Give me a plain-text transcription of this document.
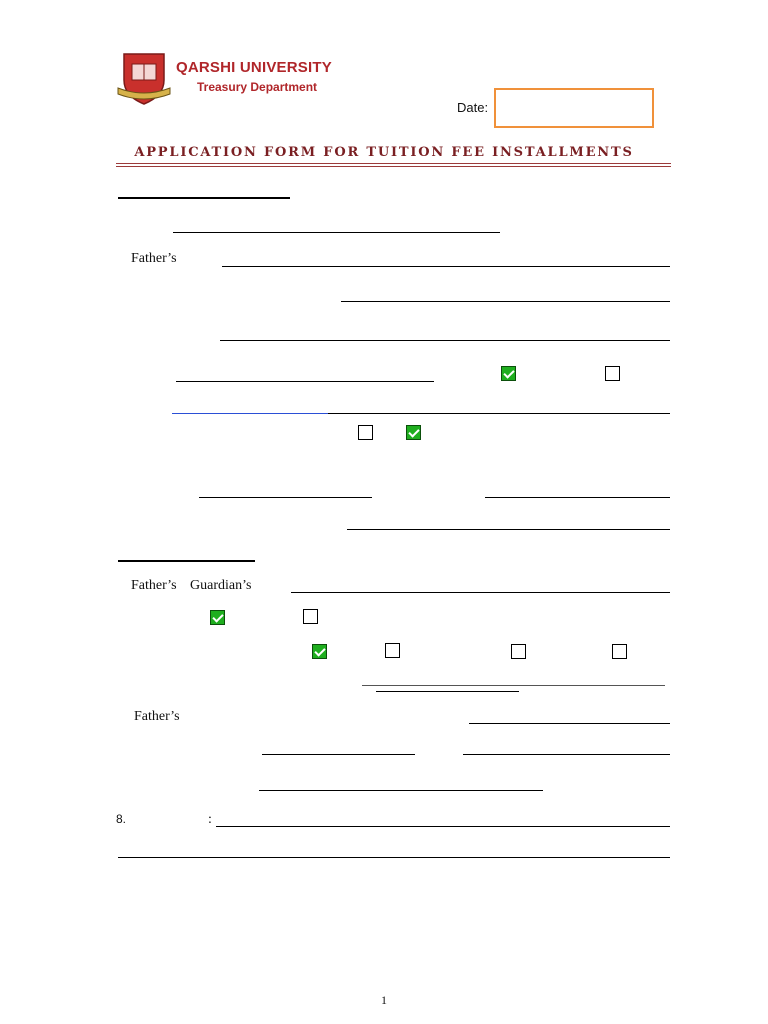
QARSHI UNIVERSITY
Treasury Department
Date:
APPLICATION FORM FOR TUITION FEE INSTALLMENTS
Father’s
Father’s Guardian’s
Father’s
8.	:
1
